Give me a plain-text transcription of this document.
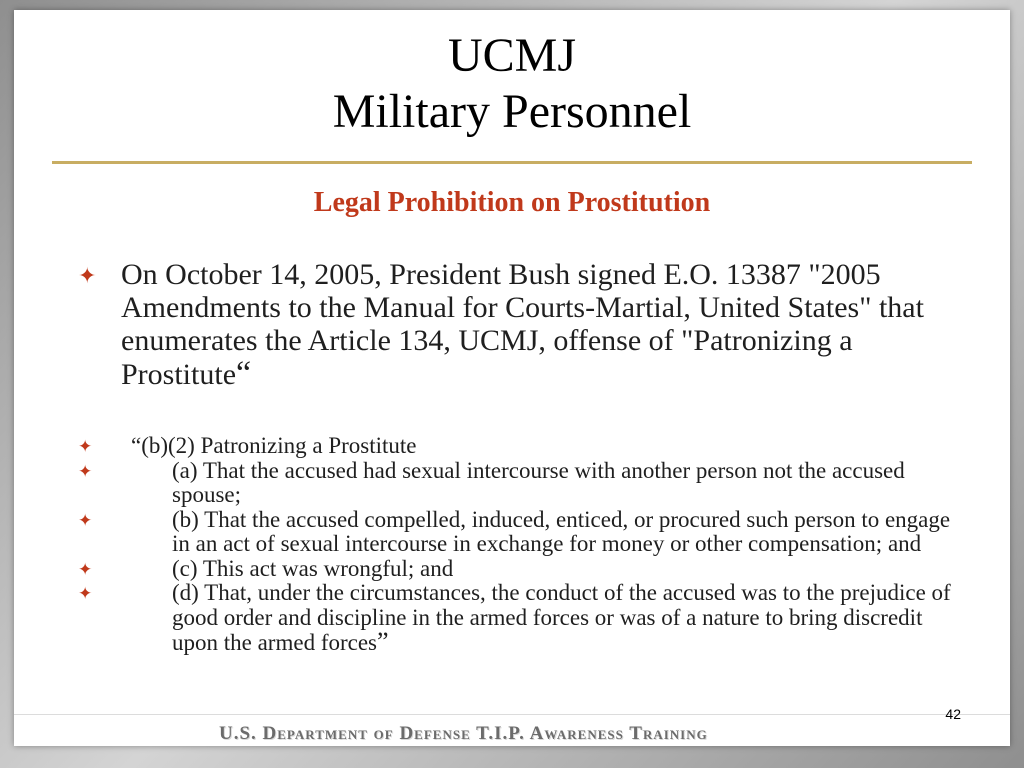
UCMJ
Military Personnel
Legal Prohibition on Prostitution
✦ On October 14, 2005, President Bush signed E.O. 13387 "2005 Amendments to the Manual for Courts-Martial, United States" that enumerates the Article 134, UCMJ, offense of "Patronizing a Prostitute“
✦ “(b)(2) Patronizing a Prostitute
✦	(a) That the accused had sexual intercourse with another person not the accused spouse;
✦	(b) That the accused compelled, induced, enticed, or procured such person to engage in an act of sexual intercourse in exchange for money or other compensation; and
✦	(c) This act was wrongful; and
✦	(d) That, under the circumstances, the conduct of the accused was to the prejudice of good order and discipline in the armed forces or was of a nature to bring discredit upon the armed forces”
42
U.S. Department of Defense T.I.P. Awareness Training
